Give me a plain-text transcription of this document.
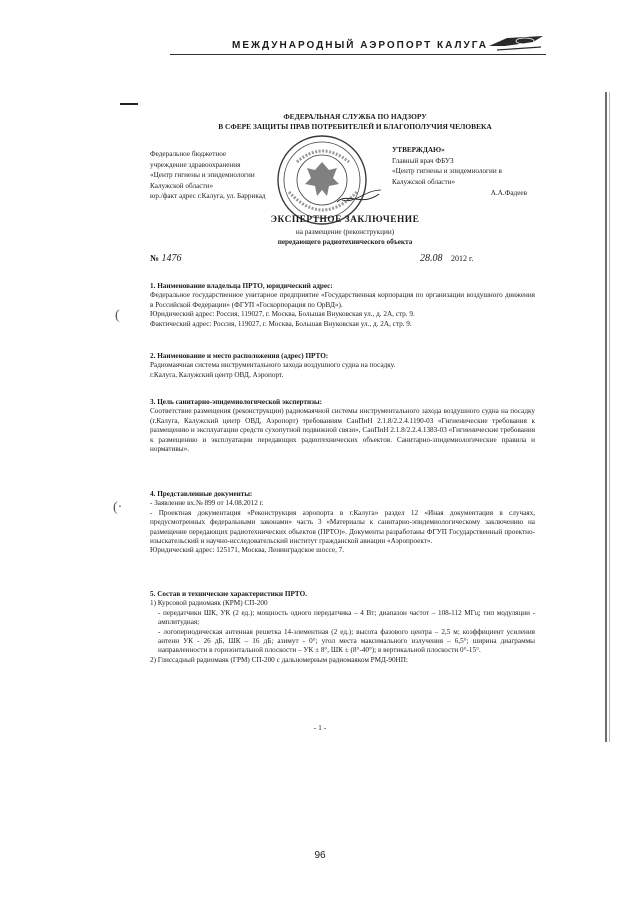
МЕЖДУНАРОДНЫЙ АЭРОПОРТ КАЛУГА
ФЕДЕРАЛЬНАЯ СЛУЖБА ПО НАДЗОРУ
В СФЕРЕ ЗАЩИТЫ ПРАВ ПОТРЕБИТЕЛЕЙ И БЛАГОПОЛУЧИЯ ЧЕЛОВЕКА
Федеральное бюджетное
учреждение здравоохранения
«Центр гигиены и эпидемиологии
Калужской области»
юр./факт адрес г.Калуга, ул. Баррикад
УТВЕРЖДАЮ»
Главный врач ФБУЗ
«Центр гигиены и эпидемиологии в
Калужской области»
А.А.Фадеев
ЭКСПЕРТНОЕ ЗАКЛЮЧЕНИЕ
на размещение (реконструкции)
передающего радиотехнического объекта
№ 1476	28.08 2012 г.

1. Наименование владельца ПРТО, юридический адрес:

Федеральное государственное унитарное предприятие «Государственная корпорация по организации воздушного движения в Российской Федерации» (ФГУП «Госкорпорация по ОрВД»).

Юридический адрес: Россия, 119027, г. Москва, Большая Внуковская ул., д. 2А, стр. 9.

Фактический адрес: Россия, 119027, г. Москва, Большая Внуковская ул., д. 2А, стр. 9.

2. Наименование и место расположения (адрес) ПРТО:

Радиомаячная система инструментального захода воздушного судна на посадку.

г.Калуга, Калужский центр ОВД, Аэропорт.

3. Цель санитарно-эпидемиологической экспертизы:

Соответствие размещения (реконструкции) радиомаячной системы инструментального захода воздушного судна на посадку (г.Калуга, Калужский центр ОВД, Аэропорт) требованиям СанПиН 2.1.8/2.2.4.1190-03 «Гигиенические требования к размещению и эксплуатации средств сухопутной подвижной связи», СанПиН 2.1.8/2.2.4.1383-03 «Гигиенические требования к размещению и эксплуатации передающих радиотехнических объектов. Санитарно-эпидемиологические правила и нормативы».

4. Представленные документы:

- Заявление вх.№ 899 от 14.08.2012 г.

- Проектная документация «Реконструкция аэропорта в г.Калуга» раздел 12 «Иная документация в случаях, предусмотренных федеральными законами» часть 3 «Материалы к санитарно-эпидемиологическому заключению на размещение передающих радиотехнических объектов (ПРТО)». Документы разработаны ФГУП Государственный проектно-изыскательский и научно-исследовательский институт гражданской авиации «Аэропроект».

Юридический адрес: 125171, Москва, Ленинградское шоссе, 7.

5. Состав и технические характеристики ПРТО.

1) Курсовой радиомаяк (КРМ) СП-200

- передатчики ШК, УК (2 ед.); мощность одного передатчика – 4 Вт; диапазон частот – 108-112 МГц; тип модуляции - амплитудная;

- логопериодическая антенная решетка 14-элементная (2 ед.); высота фазового центра – 2,5 м; коэффициент усиления антенн УК - 26 дБ, ШК – 16 дБ; азимут - 0°; угол места максимального излучения – 6,5°; ширина диаграммы направленности в горизонтальной плоскости – УК ± 8°, ШК ± (8°-40°); в вертикальной плоскости 0°-15°.

2) Глиссадный радиомаяк (ГРМ) СП-200 с дальномерным радиомаяком РМД-90НП:

(
(·
- 1 -
96
